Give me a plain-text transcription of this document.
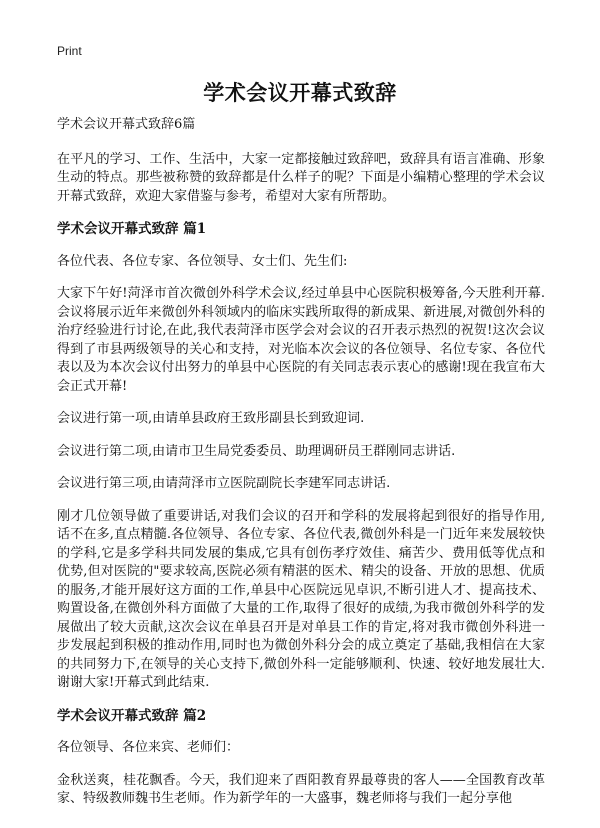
Print
学术会议开幕式致辞

学术会议开幕式致辞6篇

在平凡的学习、工作、生活中，大家一定都接触过致辞吧，致辞具有语言准确、形象生动的特点。那些被称赞的致辞都是什么样子的呢？下面是小编精心整理的学术会议开幕式致辞，欢迎大家借鉴与参考，希望对大家有所帮助。

学术会议开幕式致辞 篇1

各位代表、各位专家、各位领导、女士们、先生们:

大家下午好!菏泽市首次微创外科学术会议,经过单县中心医院积极筹备,今天胜利开幕.会议将展示近年来微创外科领域内的临床实践所取得的新成果、新进展,对微创外科的治疗经验进行讨论,在此,我代表菏泽市医学会对会议的召开表示热烈的祝贺!这次会议得到了市县两级领导的关心和支持，对光临本次会议的各位领导、名位专家、各位代表以及为本次会议付出努力的单县中心医院的有关同志表示衷心的感谢!现在我宣布大会正式开幕!

会议进行第一项,由请单县政府王致彤副县长到致迎词.

会议进行第二项,由请市卫生局党委委员、助理调研员王群刚同志讲话.

会议进行第三项,由请菏泽市立医院副院长李建军同志讲话.

刚才几位领导做了重要讲话,对我们会议的召开和学科的发展将起到很好的指导作用,话不在多,直点精髓.各位领导、各位专家、各位代表,微创外科是一门近年来发展较快的学科,它是多学科共同发展的集成,它具有创伤孝疗效佳、痛苦少、费用低等优点和优势,但对医院的"要求较高,医院必须有精湛的医术、精尖的设备、开放的思想、优质的服务,才能开展好这方面的工作,单县中心医院远见卓识,不断引进人才、提高技术、购置设备,在微创外科方面做了大量的工作,取得了很好的成绩,为我市微创外科学的发展做出了较大贡献,这次会议在单县召开是对单县工作的肯定,将对我市微创外科进一步发展起到积极的推动作用,同时也为微创外科分会的成立奠定了基础,我相信在大家的共同努力下,在领导的关心支持下,微创外科一定能够顺利、快速、较好地发展壮大.谢谢大家!开幕式到此结束.

学术会议开幕式致辞 篇2

各位领导、各位来宾、老师们：

金秋送爽，桂花飘香。今天，我们迎来了酉阳教育界最尊贵的客人——全国教育改革家、特级教师魏书生老师。作为新学年的一大盛事，魏老师将与我们一起分享他
